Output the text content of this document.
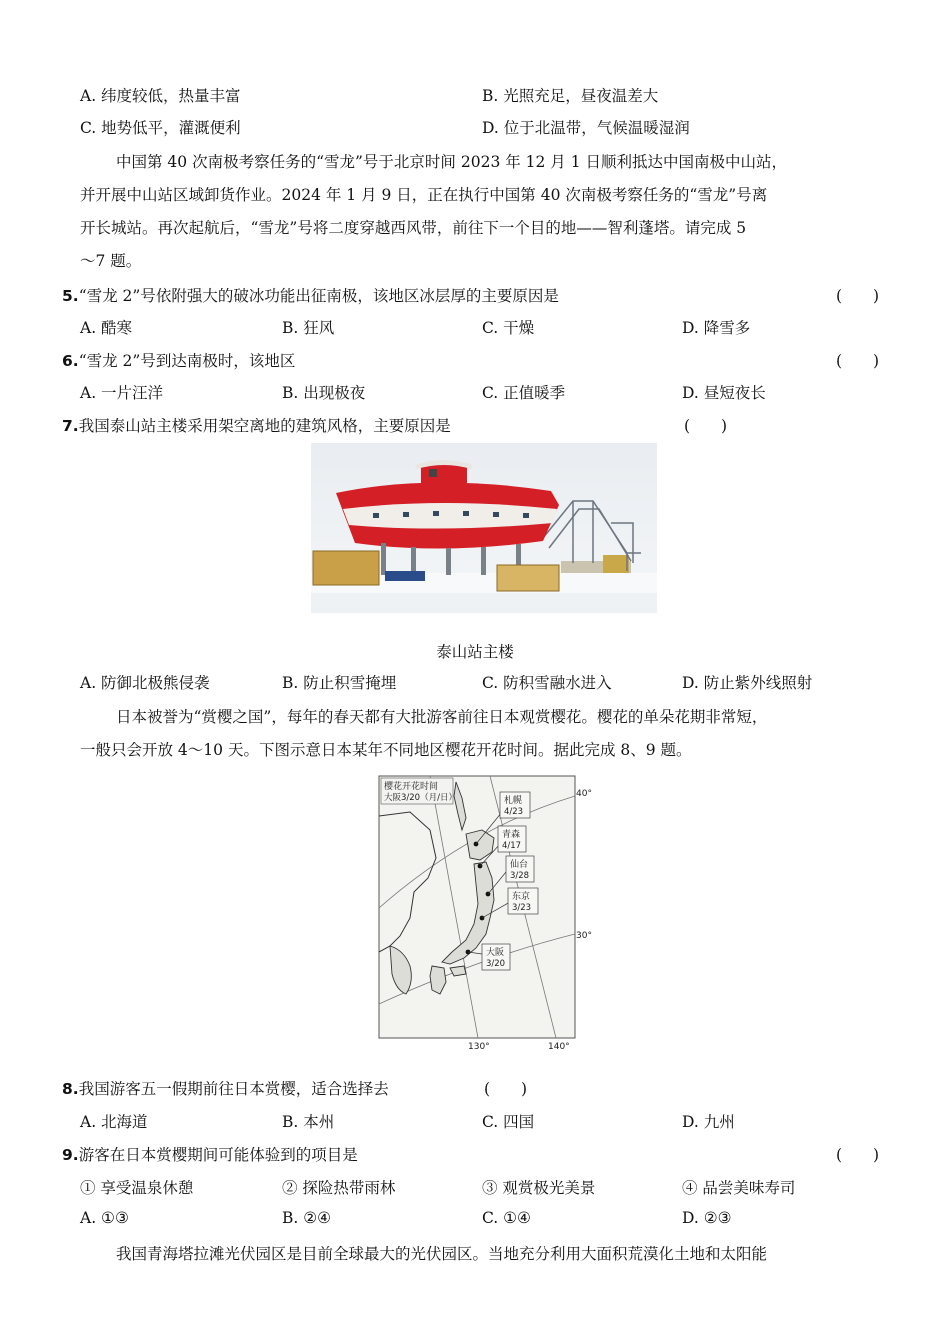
A. 纬度较低，热量丰富	B. 光照充足，昼夜温差大
C. 地势低平，灌溉便利	D. 位于北温带，气候温暖湿润
中国第 40 次南极考察任务的“雪龙”号于北京时间 2023 年 12 月 1 日顺利抵达中国南极中山站，
并开展中山站区域卸货作业。2024 年 1 月 9 日，正在执行中国第 40 次南极考察任务的“雪龙”号离
开长城站。再次起航后，“雪龙”号将二度穿越西风带，前往下一个目的地——智利蓬塔。请完成 5
～7 题。
5.“雪龙 2”号依附强大的破冰功能出征南极，该地区冰层厚的主要原因是	(　　)
A. 酷寒	B. 狂风	C. 干燥	D. 降雪多
6.“雪龙 2”号到达南极时，该地区	(　　)
A. 一片汪洋	B. 出现极夜	C. 正值暖季	D. 昼短夜长
7.我国泰山站主楼采用架空离地的建筑风格，主要原因是	(　　)
泰山站主楼
A. 防御北极熊侵袭	B. 防止积雪掩埋	C. 防积雪融水进入	D. 防止紫外线照射
日本被誉为“赏樱之国”，每年的春天都有大批游客前往日本观赏樱花。樱花的单朵花期非常短，
一般只会开放 4～10 天。下图示意日本某年不同地区樱花开花时间。据此完成 8、9 题。
樱花开花时间
大阪3/20（月/日）	札幌
4/23
青森
4/17
仙台
3/28
东京
3/23
大阪
3/20
40°
30°
130°	140°
8.我国游客五一假期前往日本赏樱，适合选择去	(　　)
A. 北海道	B. 本州	C. 四国	D. 九州
9.游客在日本赏樱期间可能体验到的项目是	(　　)
① 享受温泉休憩	② 探险热带雨林	③ 观赏极光美景	④ 品尝美味寿司
A. ①③	B. ②④	C. ①④	D. ②③
我国青海塔拉滩光伏园区是目前全球最大的光伏园区。当地充分利用大面积荒漠化土地和太阳能
